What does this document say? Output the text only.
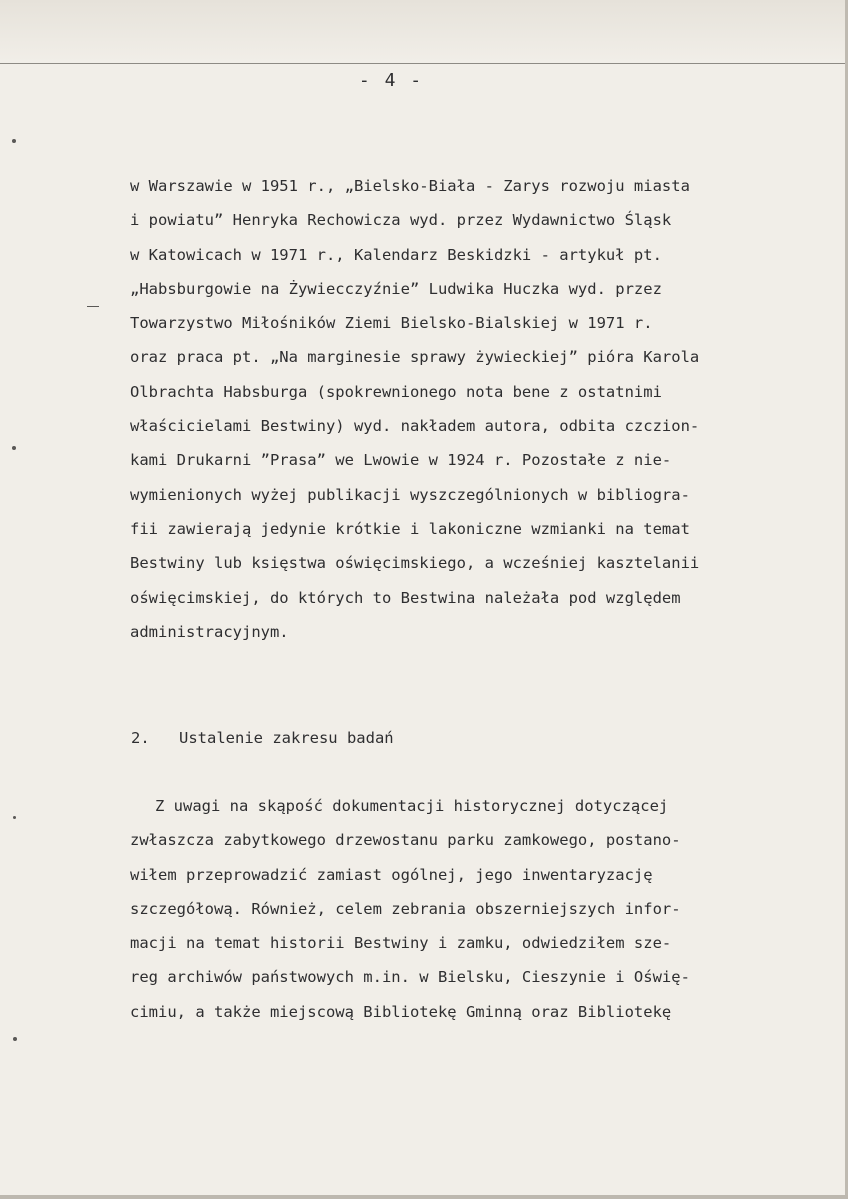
- 4 -
w Warszawie w 1951 r., „Bielsko-Biała - Zarys rozwoju miasta
i powiatu” Henryka Rechowicza wyd. przez Wydawnictwo Śląsk
w Katowicach w 1971 r., Kalendarz Beskidzki - artykuł pt.
„Habsburgowie na Żywiecczyźnie” Ludwika Huczka wyd. przez
Towarzystwo Miłośników Ziemi Bielsko-Bialskiej w 1971 r.
oraz praca pt. „Na marginesie sprawy żywieckiej” pióra Karola
Olbrachta Habsburga (spokrewnionego nota bene z ostatnimi
właścicielami Bestwiny) wyd. nakładem autora, odbita czczion-
kami Drukarni ”Prasa” we Lwowie w 1924 r. Pozostałe z nie-
wymienionych wyżej publikacji wyszczególnionych w bibliogra-
fii zawierają jedynie krótkie i lakoniczne wzmianki na temat
Bestwiny lub księstwa oświęcimskiego, a wcześniej kasztelanii
oświęcimskiej, do których to Bestwina należała pod względem
administracyjnym.
2. Ustalenie zakresu badań
Z uwagi na skąpość dokumentacji historycznej dotyczącej
zwłaszcza zabytkowego drzewostanu parku zamkowego, postano-
wiłem przeprowadzić zamiast ogólnej, jego inwentaryzację
szczegółową. Również, celem zebrania obszerniejszych infor-
macji na temat historii Bestwiny i zamku, odwiedziłem sze-
reg archiwów państwowych m.in. w Bielsku, Cieszynie i Oświę-
cimiu, a także miejscową Bibliotekę Gminną oraz Bibliotekę
